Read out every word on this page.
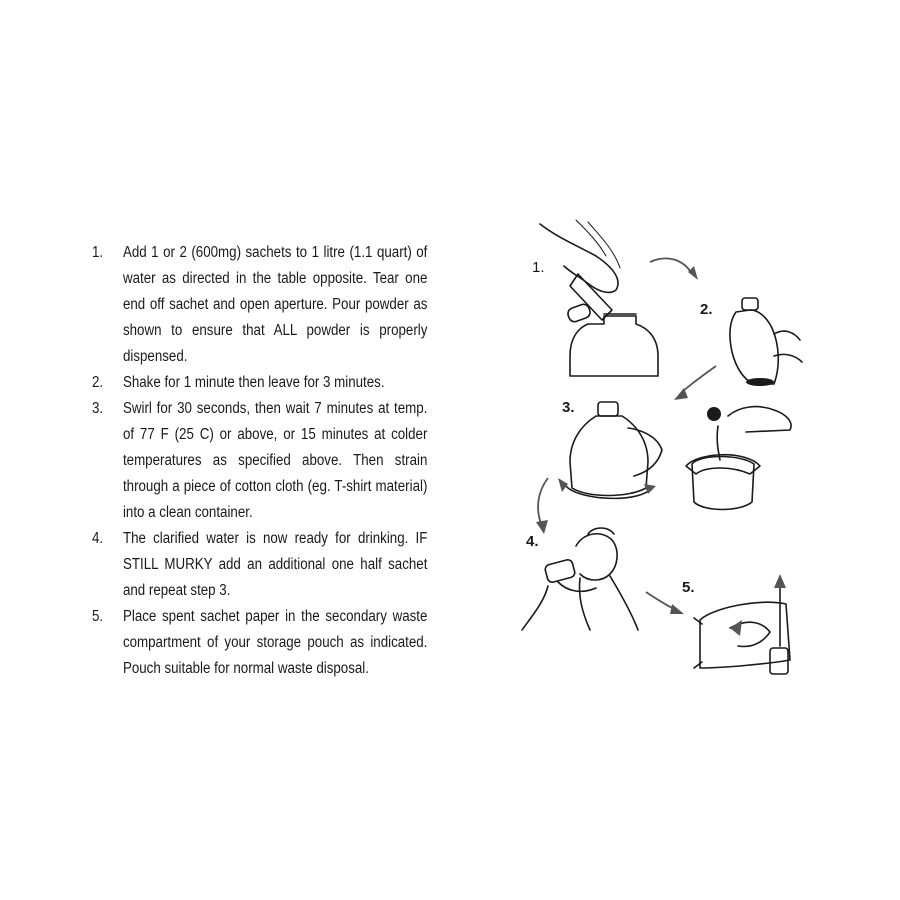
1.	Add 1 or 2 (600mg) sachets to 1 litre (1.1 quart) of water as directed in the table opposite. Tear one end off sachet and open aperture. Pour powder as shown to ensure that ALL powder is properly dispensed.
2.	Shake for 1 minute then leave for 3 minutes.
3.	Swirl for 30 seconds, then wait 7 minutes at temp. of 77 F (25 C) or above, or 15 minutes at colder temperatures as specified above. Then strain through a piece of cotton cloth (eg. T-shirt material) into a clean container.
4.	The clarified water is now ready for drinking. IF STILL MURKY add an additional one half sachet and repeat step 3.
5.	Place spent sachet paper in the secondary waste compartment of your storage pouch as indicated. Pouch suitable for normal waste disposal.
1.
2.
3.
4.
5.
